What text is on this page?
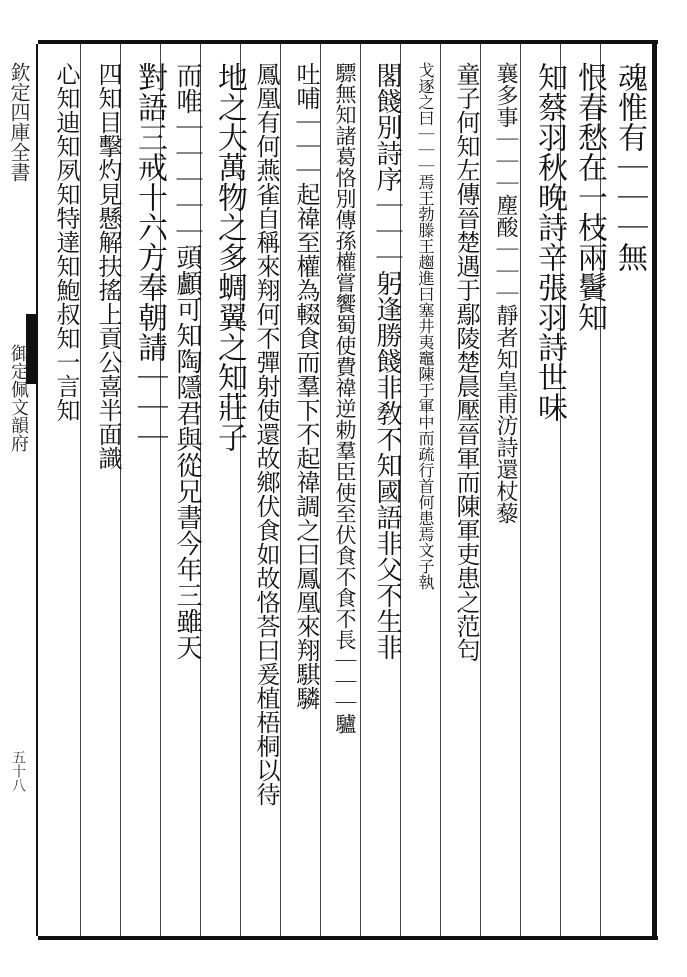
欽定四庫全書
御定佩文韻府
五十八
魂惟有｜｜｜無
恨春愁在一枝兩鬢知
知蔡羽秋晚詩辛張羽詩世味
襄多事｜｜｜塵酸｜｜｜靜者知皇甫汸詩還杖藜
童子何知左傳晉楚遇于鄢陵楚晨壓晉軍而陳軍吏患之范匄
戈逐之曰｜｜｜焉王勃滕王趨進曰塞井夷竈陳于軍中而疏行首何患焉文子執
閣餞別詩序｜｜｜躬逢勝餞非敎不知國語非父不生非
驃無知諸葛恪別傳孫權嘗饗蜀使費禕逆勅羣臣使至伏食不食不長｜｜｜驢
吐哺｜｜｜起禕至權為輟食而羣下不起禕調之曰鳳凰來翔騏驎
鳳凰有何燕雀自稱來翔何不彈射使還故鄉伏食如故恪荅曰爰植梧桐以待
地之大萬物之多蜩翼之知莊子
而唯｜｜｜｜｜頭顱可知陶隱君與從兄書今年三雖天
對語三戒十六方奉朝請｜｜｜
四知目擊灼見懸解扶搖上貢公喜半面識
心知迪知夙知特達知鮑叔知一言知
